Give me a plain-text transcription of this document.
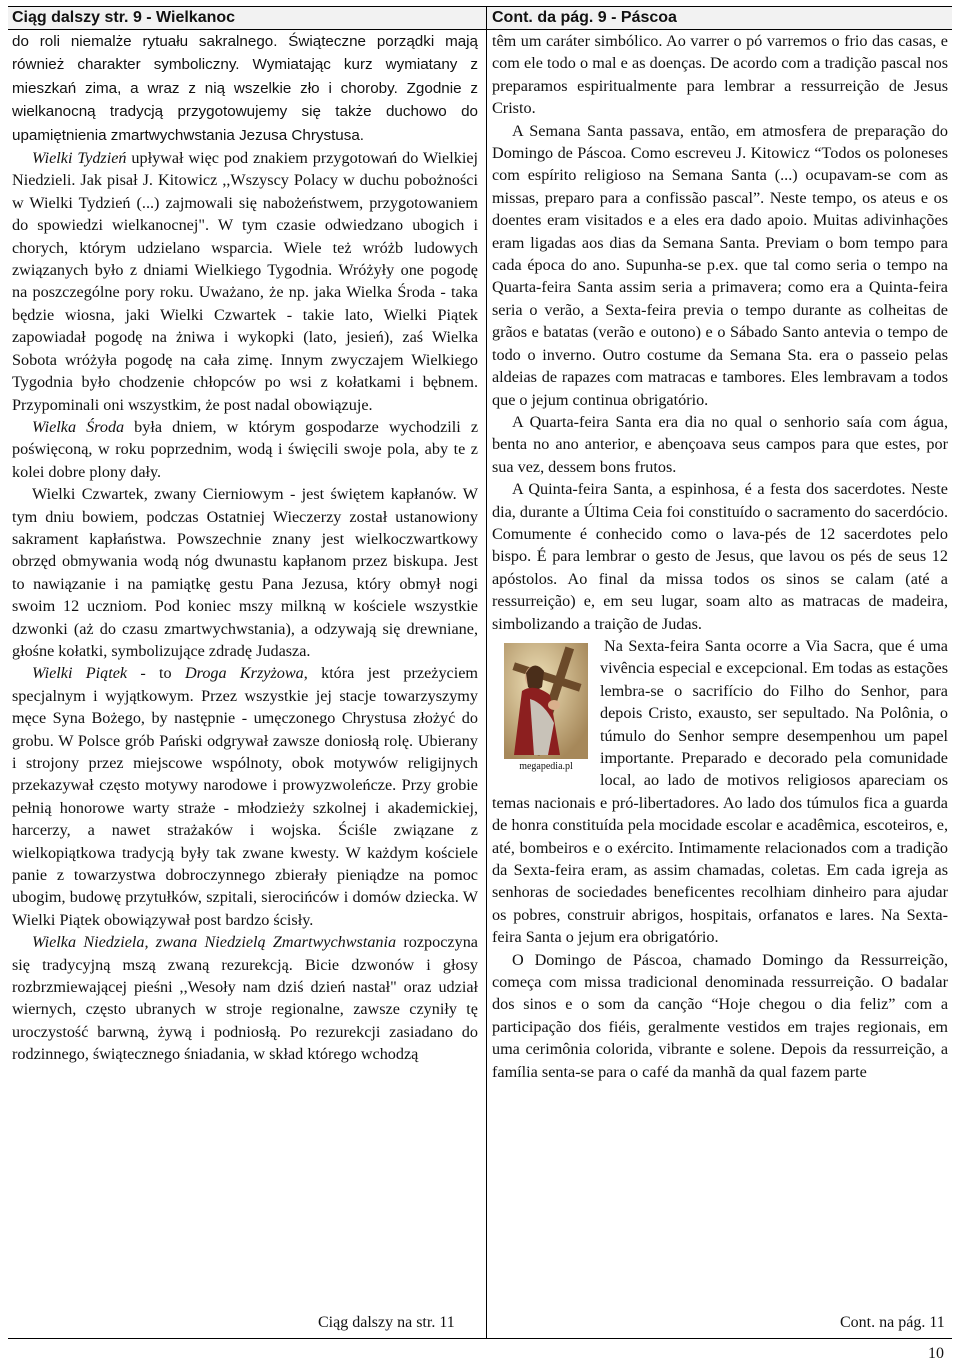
Ciąg dalszy str. 9 - Wielkanoc	Cont. da pág. 9 - Páscoa

do roli niemalże rytuału sakralnego. Świąteczne porządki mają również charakter symboliczny. Wymiatając kurz wymiatany z mieszkań zima, a wraz z nią wszelkie zło i choroby. Zgodnie z wielkanocną tradycją przygotowujemy się także duchowo do upamiętnienia zmartwychwstania Jezusa Chrystusa.

Wielki Tydzień upływał więc pod znakiem przygotowań do Wielkiej Niedzieli. Jak pisał J. Kitowicz ,,Wszyscy Polacy w duchu pobożności w Wielki Tydzień (...) zajmowali się nabożeństwem, przygotowaniem do spowiedzi wielkanocnej". W tym czasie odwiedzano ubogich i chorych, którym udzielano wsparcia. Wiele też wróżb ludowych związanych było z dniami Wielkiego Tygodnia. Wróżyły one pogodę na poszczególne pory roku. Uważano, że np. jaka Wielka Środa - taka będzie wiosna, jaki Wielki Czwartek - takie lato, Wielki Piątek zapowiadał pogodę na żniwa i wykopki (lato, jesień), zaś Wielka Sobota wróżyła pogodę na cała zimę. Innym zwyczajem Wielkiego Tygodnia było chodzenie chłopców po wsi z kołatkami i bębnem. Przypominali oni wszystkim, że post nadal obowiązuje.

Wielka Środa była dniem, w którym gospodarze wychodzili z poświęconą, w roku poprzednim, wodą i święcili swoje pola, aby te z kolei dobre plony dały.

Wielki Czwartek, zwany Cierniowym - jest świętem kapłanów. W tym dniu bowiem, podczas Ostatniej Wieczerzy został ustanowiony sakrament kapłaństwa. Powszechnie znany jest wielkoczwartkowy obrzęd obmywania wodą nóg dwunastu kapłanom przez biskupa. Jest to nawiązanie i na pamiątkę gestu Pana Jezusa, który obmył nogi swoim 12 uczniom. Pod koniec mszy milkną w kościele wszystkie dzwonki (aż do czasu zmartwychwstania), a odzywają się drewniane, głośne kołatki, symbolizujące zdradę Judasza.

Wielki Piątek - to Droga Krzyżowa, która jest przeżyciem specjalnym i wyjątkowym. Przez wszystkie jej stacje towarzyszymy męce Syna Bożego, by następnie - umęczonego Chrystusa złożyć do grobu. W Polsce grób Pański odgrywał zawsze doniosłą rolę. Ubierany i strojony przez miejscowe wspólnoty, obok motywów religijnych przekazywał często motywy narodowe i prowyzwoleńcze. Przy grobie pełnią honorowe warty straże - młodzieży szkolnej i akademickiej, harcerzy, a nawet strażaków i wojska. Ściśle związane z wielkopiątkowa tradycją były tak zwane kwesty. W każdym kościele panie z towarzystwa dobroczynnego zbierały pieniądze na pomoc ubogim, budowę przytułków, szpitali, sierocińców i domów dziecka. W Wielki Piątek obowiązywał post bardzo ścisły.

Wielka Niedziela, zwana Niedzielą Zmartwychwstania rozpoczyna się tradycyjną mszą zwaną rezurekcją. Bicie dzwonów i głosy rozbrzmiewającej pieśni ,,Wesoły nam dziś dzień nastał" oraz udział wiernych, często ubranych w stroje regionalne, zawsze czyniły tę uroczystość barwną, żywą i podniosłą. Po rezurekcji zasiadano do rodzinnego, świątecznego śniadania, w skład którego wchodzą

têm um caráter simbólico. Ao varrer o pó varremos o frio das casas, e com ele todo o mal e as doenças. De acordo com a tradição pascal nos preparamos espiritualmente para lembrar a ressurreição de Jesus Cristo.

A Semana Santa passava, então, em atmosfera de preparação do Domingo de Páscoa. Como escreveu J. Kitowicz “Todos os poloneses com espírito religioso na Semana Santa (...) ocupavam-se com as missas, preparo para a confissão pascal”. Neste tempo, os ateus e os doentes eram visitados e a eles era dado apoio. Muitas adivinhações eram ligadas aos dias da Semana Santa. Previam o bom tempo para cada época do ano. Supunha-se p.ex. que tal como seria o tempo na Quarta-feira Santa assim seria a primavera; como era a Quinta-feira seria o verão, a Sexta-feira previa o tempo durante as colheitas de grãos e batatas (verão e outono) e o Sábado Santo antevia o tempo de todo o inverno. Outro costume da Semana Sta. era o passeio pelas aldeias de rapazes com matracas e tambores. Eles lembravam a todos que o jejum continua obrigatório.

A Quarta-feira Santa era dia no qual o senhorio saía com água, benta no ano anterior, e abençoava seus campos para que estes, por sua vez, dessem bons frutos.

A Quinta-feira Santa, a espinhosa, é a festa dos sacerdotes. Neste dia, durante a Última Ceia foi constituído o sacramento do sacerdócio. Comumente é conhecido como o lava-pés de 12 sacerdotes pelo bispo. É para lembrar o gesto de Jesus, que lavou os pés de seus 12 apóstolos. Ao final da missa todos os sinos se calam (até a ressurreição) e, em seu lugar, soam alto as matracas de madeira, simbolizando a traição de Judas.

megapedia.pl

Na Sexta-feira Santa ocorre a Via Sacra, que é uma vivência especial e excepcional. Em todas as estações lembra-se o sacrifício do Filho do Senhor, para depois Cristo, exausto, ser sepultado. Na Polônia, o túmulo do Senhor sempre desempenhou um papel importante. Preparado e decorado pela comunidade local, ao lado de motivos religiosos apareciam os temas nacionais e pró-libertadores. Ao lado dos túmulos fica a guarda de honra constituída pela mocidade escolar e acadêmica, escoteiros, e, até, bombeiros e o exército. Intimamente relacionados com a tradição da Sexta-feira eram, as assim chamadas, coletas. Em cada igreja as senhoras de sociedades beneficentes recolhiam dinheiro para ajudar os pobres, construir abrigos, hospitais, orfanatos e lares. Na Sexta-feira Santa o jejum era obrigatório.

O Domingo de Páscoa, chamado Domingo da Ressurreição, começa com missa tradicional denominada ressurreição. O badalar dos sinos e o som da canção “Hoje chegou o dia feliz” com a participação dos fiéis, geralmente vestidos em trajes regionais, em uma cerimônia colorida, vibrante e solene. Depois da ressurreição, a família senta-se para o café da manhã da qual fazem parte

Ciąg dalszy na str. 11	Cont. na pág. 11
10
